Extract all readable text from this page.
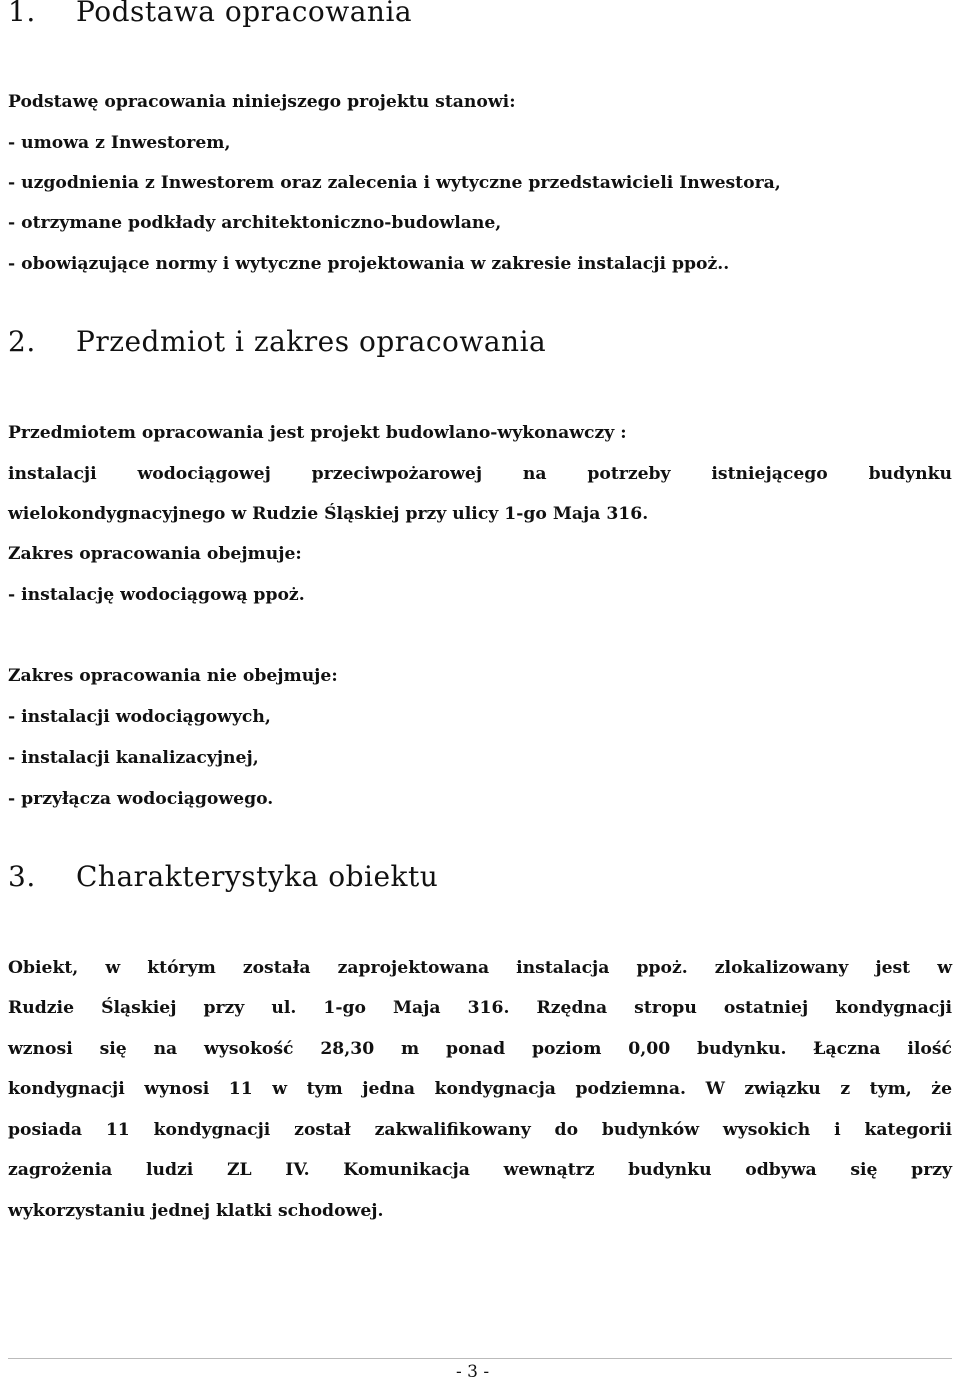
1. Podstawa opracowania

Podstawę opracowania niniejszego projektu stanowi:

- umowa z Inwestorem,

- uzgodnienia z Inwestorem oraz zalecenia i wytyczne przedstawicieli Inwestora,

- otrzymane podkłady architektoniczno-budowlane,

- obowiązujące normy i wytyczne projektowania w zakresie instalacji ppoż..

2. Przedmiot i zakres opracowania

Przedmiotem opracowania jest projekt budowlano-wykonawczy :

instalacji wodociągowej przeciwpożarowej na potrzeby istniejącego budynku

wielokondygnacyjnego w Rudzie Śląskiej przy ulicy 1-go Maja 316.

Zakres opracowania obejmuje:

- instalację wodociągową ppoż.

Zakres opracowania nie obejmuje:

- instalacji wodociągowych,

- instalacji kanalizacyjnej,

- przyłącza wodociągowego.

3. Charakterystyka obiektu

Obiekt, w którym została zaprojektowana instalacja ppoż. zlokalizowany jest w

Rudzie Śląskiej przy ul. 1-go Maja 316. Rzędna stropu ostatniej kondygnacji

wznosi się na wysokość 28,30 m ponad poziom 0,00 budynku. Łączna ilość

kondygnacji wynosi 11 w tym jedna kondygnacja podziemna. W związku z tym, że

posiada 11 kondygnacji został zakwalifikowany do budynków wysokich i kategorii

zagrożenia ludzi ZL IV. Komunikacja wewnątrz budynku odbywa się przy

wykorzystaniu jednej klatki schodowej.

- 3 -
